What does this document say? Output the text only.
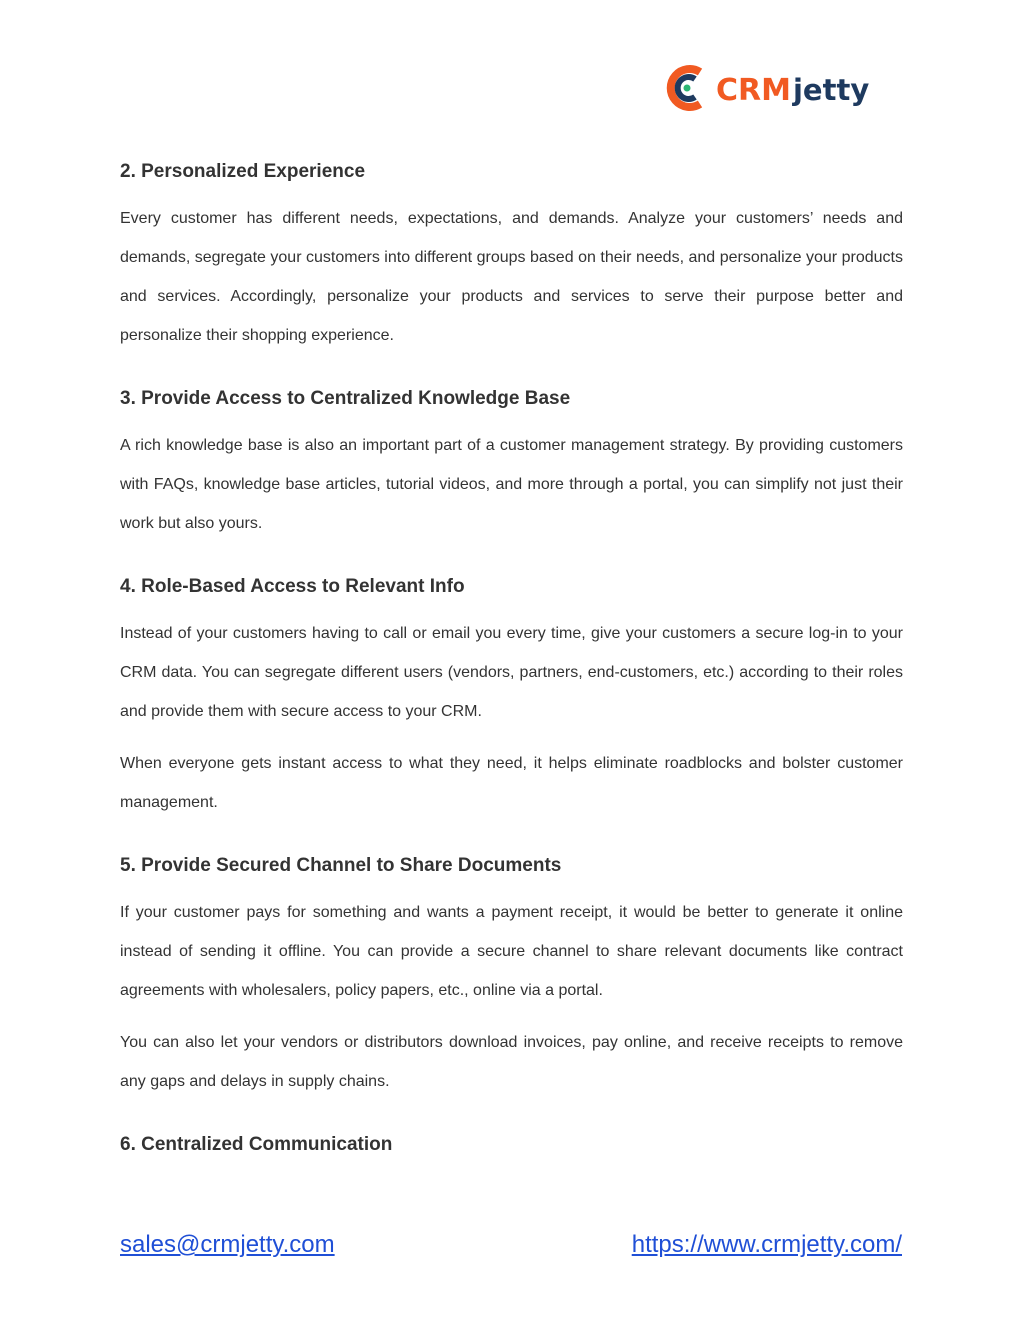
CRM jetty
2. Personalized Experience

Every customer has different needs, expectations, and demands. Analyze your customers’ needs and demands, segregate your customers into different groups based on their needs, and personalize your products and services. Accordingly, personalize your products and services to serve their purpose better and personalize their shopping experience.

3. Provide Access to Centralized Knowledge Base

A rich knowledge base is also an important part of a customer management strategy. By providing customers with FAQs, knowledge base articles, tutorial videos, and more through a portal, you can simplify not just their work but also yours.

4. Role-Based Access to Relevant Info

Instead of your customers having to call or email you every time, give your customers a secure log-in to your CRM data. You can segregate different users (vendors, partners, end-customers, etc.) according to their roles and provide them with secure access to your CRM.

When everyone gets instant access to what they need, it helps eliminate roadblocks and bolster customer management.

5. Provide Secured Channel to Share Documents

If your customer pays for something and wants a payment receipt, it would be better to generate it online instead of sending it offline. You can provide a secure channel to share relevant documents like contract agreements with wholesalers, policy papers, etc., online via a portal.

You can also let your vendors or distributors download invoices, pay online, and receive receipts to remove any gaps and delays in supply chains.

6. Centralized Communication
sales@crmjetty.com	https://www.crmjetty.com/
